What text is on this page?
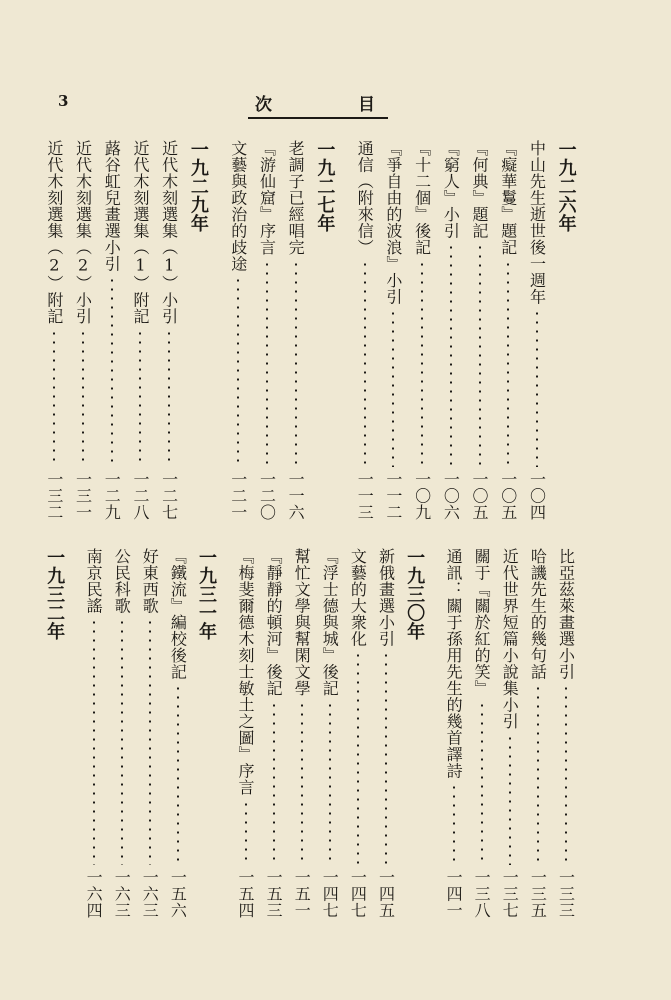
3	次	目
一九二六年
中山先生逝世後一週年
一〇四
『癡華鬘』題記
一〇五
『何典』題記
一〇五
『窮人』小引
一〇六
『十二個』後記
一〇九
『爭自由的波浪』小引
一一二
通信（附來信）
一一三
一九二七年
老調子已經唱完
一一六
『游仙窟』序言
一二〇
文藝與政治的歧途
一二一
一九二九年
近代木刻選集（1）小引
一二七
近代木刻選集（1）附記
一二八
蕗谷虹兒畫選小引
一二九
近代木刻選集（2）小引
一三一
近代木刻選集（2）附記
一三二
比亞茲萊畫選小引
一三三
哈譏先生的幾句話
一三五
近代世界短篇小說集小引
一三七
關于『關於紅的笑』
一三八
通訊：關于孫用先生的幾首譯詩
一四一
一九三〇年
新俄畫選小引
一四五
文藝的大衆化
一四七
『浮士德與城』後記
一四七
幫忙文學與幫閑文學
一五一
『靜靜的頓河』後記
一五三
『梅斐爾德木刻士敏土之圖』序言
一五四
一九三一年
『鐵流』編校後記
一五六
好東西歌
一六三
公民科歌
一六三
南京民謠
一六四
一九三二年
